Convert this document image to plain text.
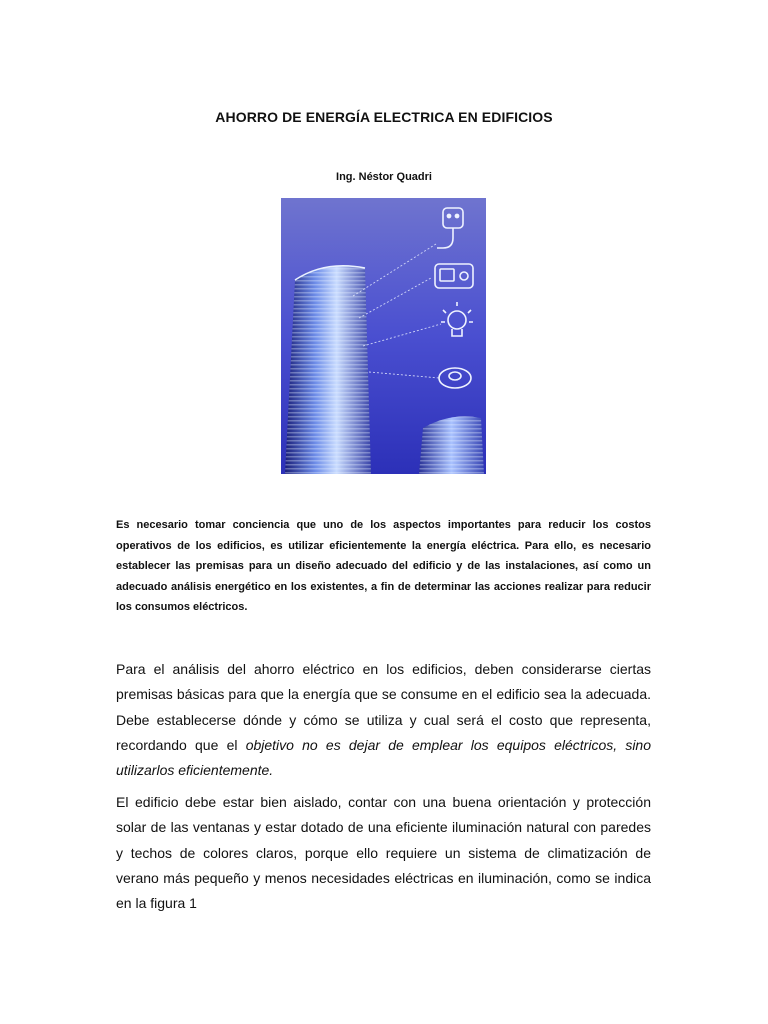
AHORRO DE ENERGÍA ELECTRICA EN EDIFICIOS
Ing. Néstor Quadri

Es necesario tomar conciencia que uno de los aspectos importantes para reducir los costos operativos de los edificios, es utilizar eficientemente la energía eléctrica. Para ello, es necesario establecer las premisas para un diseño adecuado del edificio y de las instalaciones, así como un adecuado análisis energético en los existentes, a fin de determinar las acciones realizar para reducir los consumos eléctricos.

Para el análisis del ahorro eléctrico en los edificios, deben considerarse ciertas premisas básicas para que la energía que se consume en el edificio sea la adecuada. Debe establecerse dónde y cómo se utiliza y cual será el costo que representa, recordando que el objetivo no es dejar de emplear los equipos eléctricos, sino utilizarlos eficientemente.

El edificio debe estar bien aislado, contar con una buena orientación y protección solar de las ventanas y estar dotado de una eficiente iluminación natural con paredes y techos de colores claros, porque ello requiere un sistema de climatización de verano más pequeño y menos necesidades eléctricas en iluminación, como se indica en la figura 1
